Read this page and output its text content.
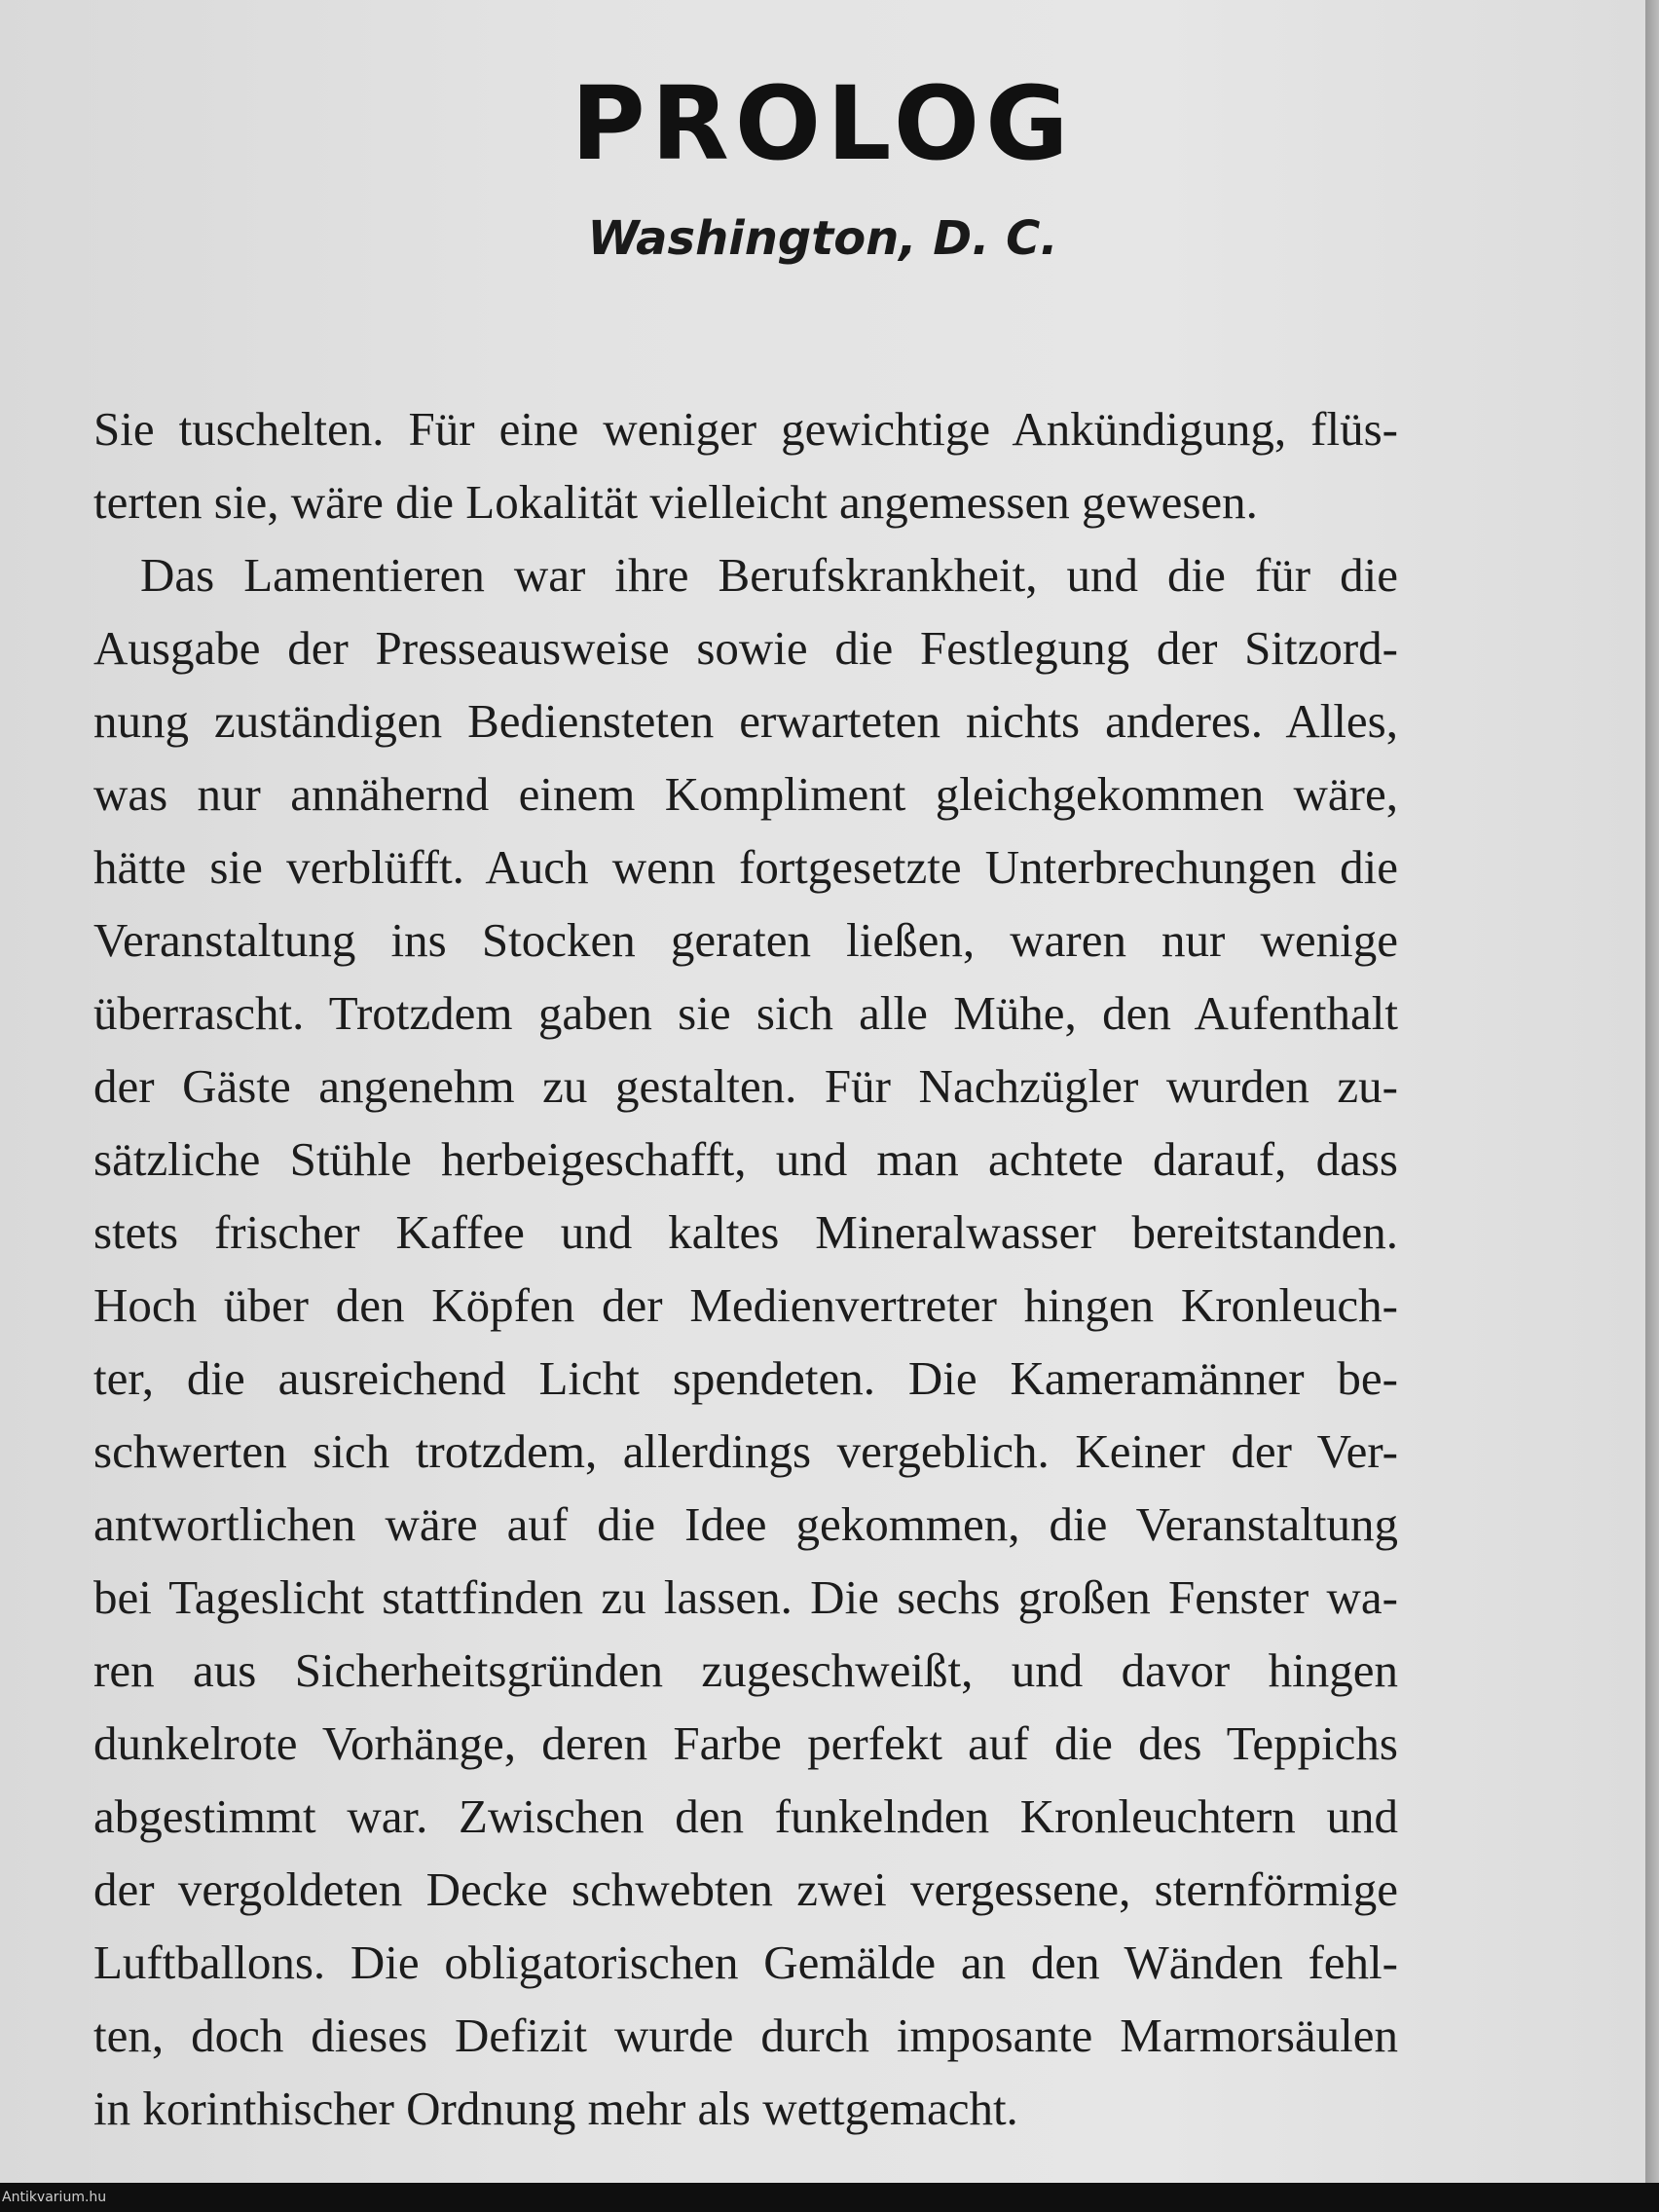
PROLOG
Washington, D. C.
Sie tuschelten. Für eine weniger gewichtige Ankündigung, flüs-
terten sie, wäre die Lokalität vielleicht angemessen gewesen.
Das Lamentieren war ihre Berufskrankheit, und die für die
Ausgabe der Presseausweise sowie die Festlegung der Sitzord-
nung zuständigen Bediensteten erwarteten nichts anderes. Alles,
was nur annähernd einem Kompliment gleichgekommen wäre,
hätte sie verblüfft. Auch wenn fortgesetzte Unterbrechungen die
Veranstaltung ins Stocken geraten ließen, waren nur wenige
überrascht. Trotzdem gaben sie sich alle Mühe, den Aufenthalt
der Gäste angenehm zu gestalten. Für Nachzügler wurden zu-
sätzliche Stühle herbeigeschafft, und man achtete darauf, dass
stets frischer Kaffee und kaltes Mineralwasser bereitstanden.
Hoch über den Köpfen der Medienvertreter hingen Kronleuch-
ter, die ausreichend Licht spendeten. Die Kameramänner be-
schwerten sich trotzdem, allerdings vergeblich. Keiner der Ver-
antwortlichen wäre auf die Idee gekommen, die Veranstaltung
bei Tageslicht stattfinden zu lassen. Die sechs großen Fenster wa-
ren aus Sicherheitsgründen zugeschweißt, und davor hingen
dunkelrote Vorhänge, deren Farbe perfekt auf die des Teppichs
abgestimmt war. Zwischen den funkelnden Kronleuchtern und
der vergoldeten Decke schwebten zwei vergessene, sternförmige
Luftballons. Die obligatorischen Gemälde an den Wänden fehl-
ten, doch dieses Defizit wurde durch imposante Marmorsäulen
in korinthischer Ordnung mehr als wettgemacht.
Antikvarium.hu
